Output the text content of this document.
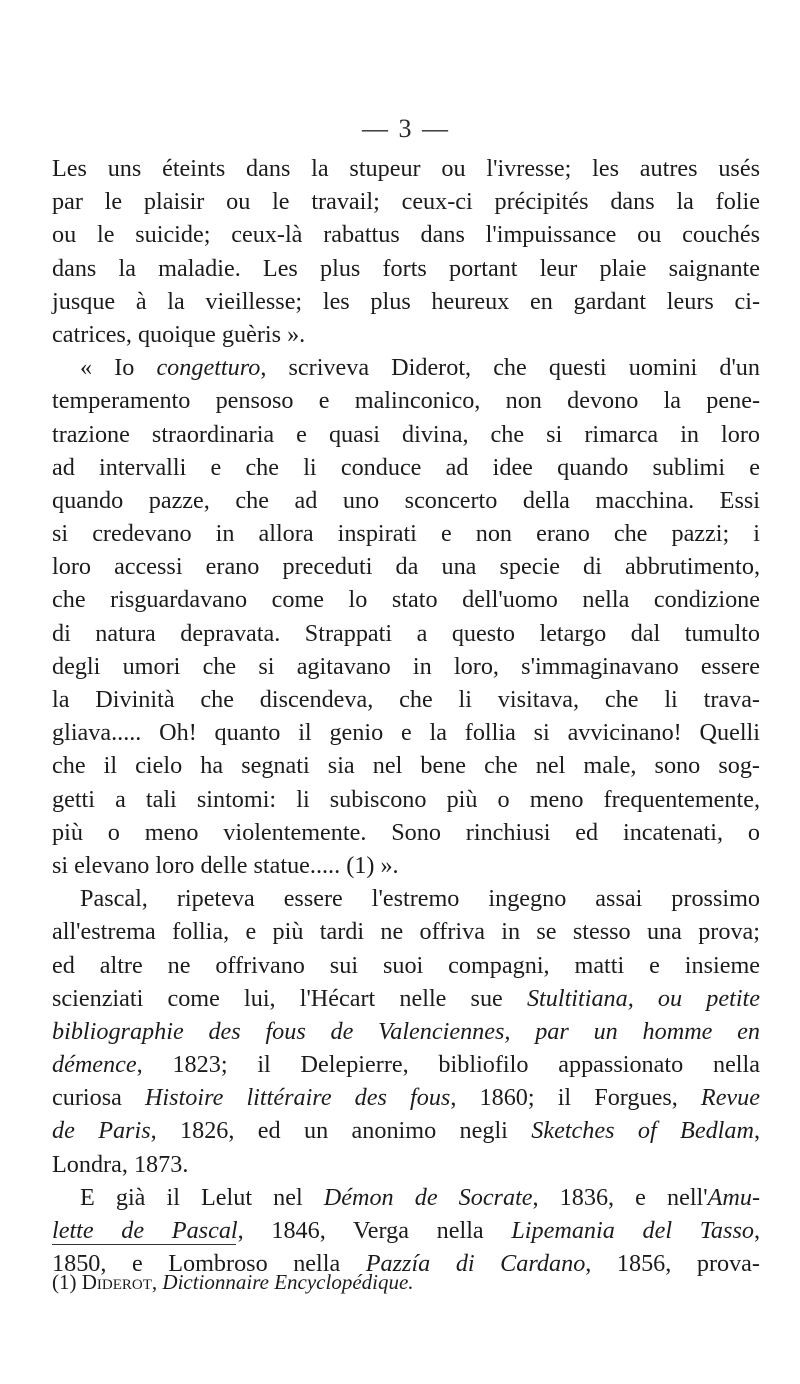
— 3 —
Les uns éteints dans la stupeur ou l'ivresse; les autres usés
par le plaisir ou le travail; ceux-ci précipités dans la folie
ou le suicide; ceux-là rabattus dans l'impuissance ou couchés
dans la maladie. Les plus forts portant leur plaie saignante
jusque à la vieillesse; les plus heureux en gardant leurs ci-
catrices, quoique guèris ».
« Io congetturo, scriveva Diderot, che questi uomini d'un
temperamento pensoso e malinconico, non devono la pene-
trazione straordinaria e quasi divina, che si rimarca in loro
ad intervalli e che li conduce ad idee quando sublimi e
quando pazze, che ad uno sconcerto della macchina. Essi
si credevano in allora inspirati e non erano che pazzi; i
loro accessi erano preceduti da una specie di abbrutimento,
che risguardavano come lo stato dell'uomo nella condizione
di natura depravata. Strappati a questo letargo dal tumulto
degli umori che si agitavano in loro, s'immaginavano essere
la Divinità che discendeva, che li visitava, che li trava-
gliava..... Oh! quanto il genio e la follia si avvicinano! Quelli
che il cielo ha segnati sia nel bene che nel male, sono sog-
getti a tali sintomi: li subiscono più o meno frequentemente,
più o meno violentemente. Sono rinchiusi ed incatenati, o
si elevano loro delle statue..... (1) ».
Pascal, ripeteva essere l'estremo ingegno assai prossimo
all'estrema follia, e più tardi ne offriva in se stesso una prova;
ed altre ne offrivano sui suoi compagni, matti e insieme
scienziati come lui, l'Hécart nelle sue Stultitiana, ou petite
bibliographie des fous de Valenciennes, par un homme en
démence, 1823; il Delepierre, bibliofilo appassionato nella
curiosa Histoire littéraire des fous, 1860; il Forgues, Revue
de Paris, 1826, ed un anonimo negli Sketches of Bedlam,
Londra, 1873.
E già il Lelut nel Démon de Socrate, 1836, e nell'Amu-
lette de Pascal, 1846, Verga nella Lipemania del Tasso,
1850, e Lombroso nella Pazzía di Cardano, 1856, prova-
(1) Diderot, Dictionnaire Encyclopédique.
